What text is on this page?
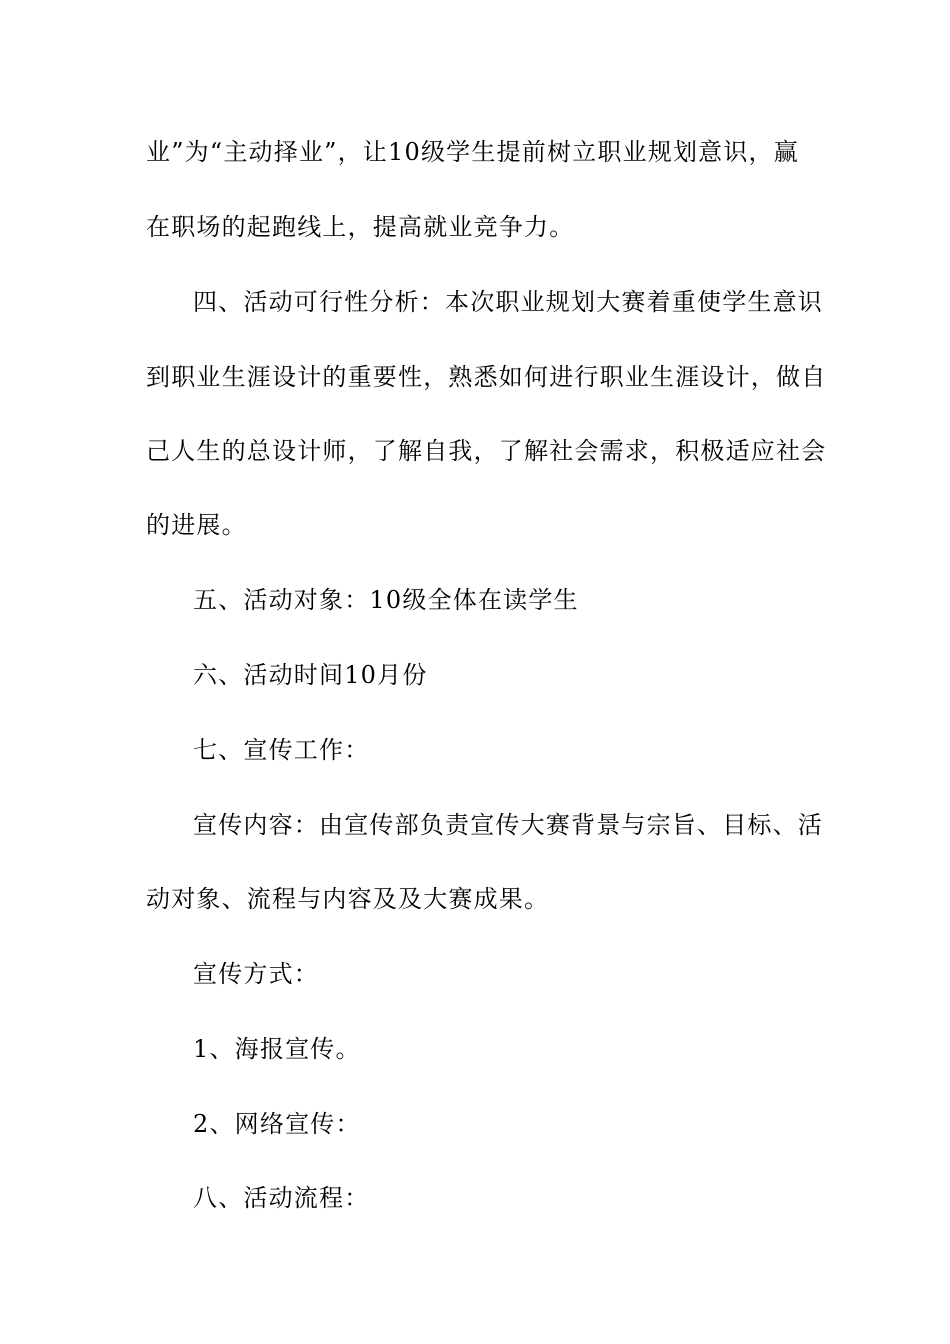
业”为“主动择业”，让10级学生提前树立职业规划意识，赢
在职场的起跑线上，提高就业竞争力。
四、活动可行性分析：本次职业规划大赛着重使学生意识
到职业生涯设计的重要性，熟悉如何进行职业生涯设计，做自
己人生的总设计师，了解自我，了解社会需求，积极适应社会
的进展。
五、活动对象：10级全体在读学生
六、活动时间10月份
七、宣传工作：
宣传内容：由宣传部负责宣传大赛背景与宗旨、目标、活
动对象、流程与内容及及大赛成果。
宣传方式：
1、海报宣传。
2、网络宣传：
八、活动流程：
